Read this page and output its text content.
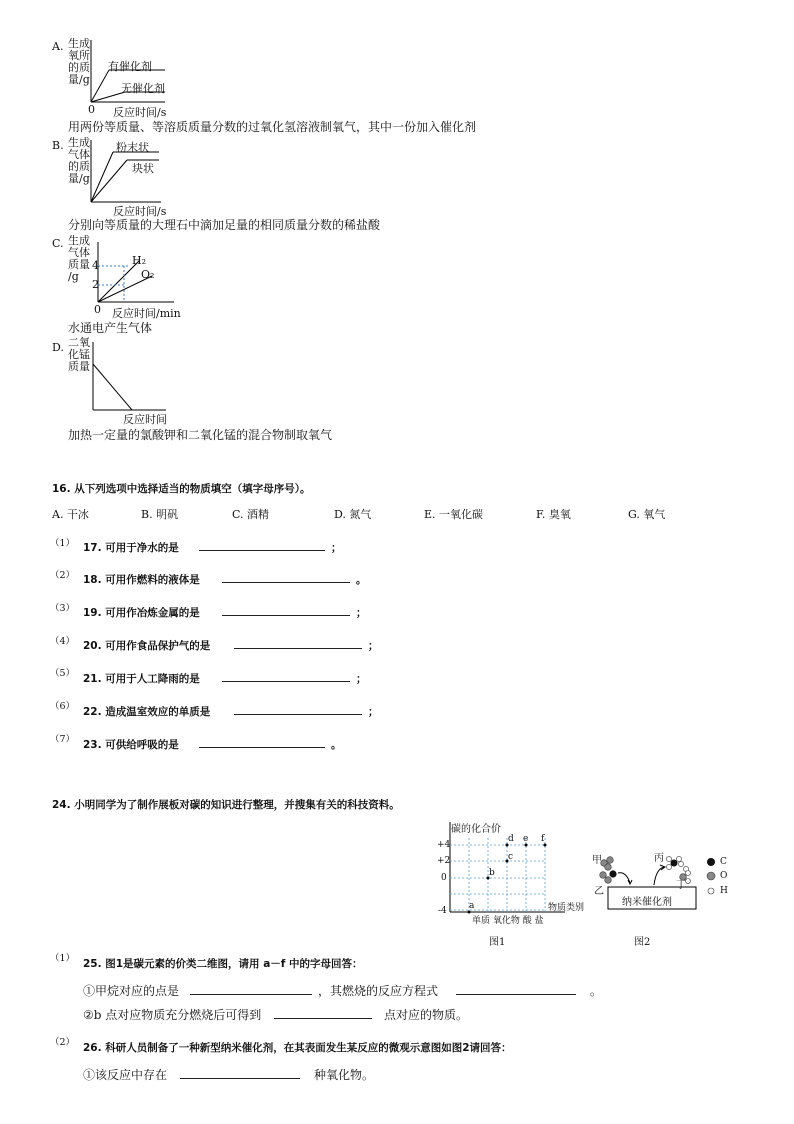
A. 生成
氧所
的质
量/g
有催化剂
无催化剂
0 反应时间/s
用两份等质量、等溶质质量分数的过氧化氢溶液制氧气，其中一份加入催化剂
B. 生成
气体
的质
量/g
粉末状
块状
反应时间/s
分别向等质量的大理石中滴加足量的相同质量分数的稀盐酸
C. 生成
气体
质量
/g
4
2
H₂
O₂
0 反应时间/min
水通电产生气体
D. 二氧
化锰
质量
反应时间
加热一定量的氯酸钾和二氧化锰的混合物制取氧气
16. 从下列选项中选择适当的物质填空（填字母序号）。
A. 干冰	B. 明矾	C. 酒精	D. 氮气	E. 一氧化碳	F. 臭氧	G. 氧气
（1） 17. 可用于净水的是	；
（2） 18. 可用作燃料的液体是	。
（3） 19. 可用作冶炼金属的是	；
（4） 20. 可用作食品保护气的是	；
（5） 21. 可用于人工降雨的是	；
（6） 22. 造成温室效应的单质是	；
（7） 23. 可供给呼吸的是	。
24. 小明同学为了制作展板对碳的知识进行整理，并搜集有关的科技资料。
碳的化合价
+4
+2
0
-4 a
b
c
d e f
物质类别
单质 氧化物 酸 盐
图1
甲
乙
丙
丁
纳米催化剂
C
O
H
图2
（1） 25. 图1是碳元素的价类二维图，请用 a－f 中的字母回答：
①甲烷对应的点是	，其燃烧的反应方程式	。
②b 点对应物质充分燃烧后可得到	点对应的物质。
（2） 26. 科研人员制备了一种新型纳米催化剂，在其表面发生某反应的微观示意图如图2请回答：
①该反应中存在	种氧化物。
